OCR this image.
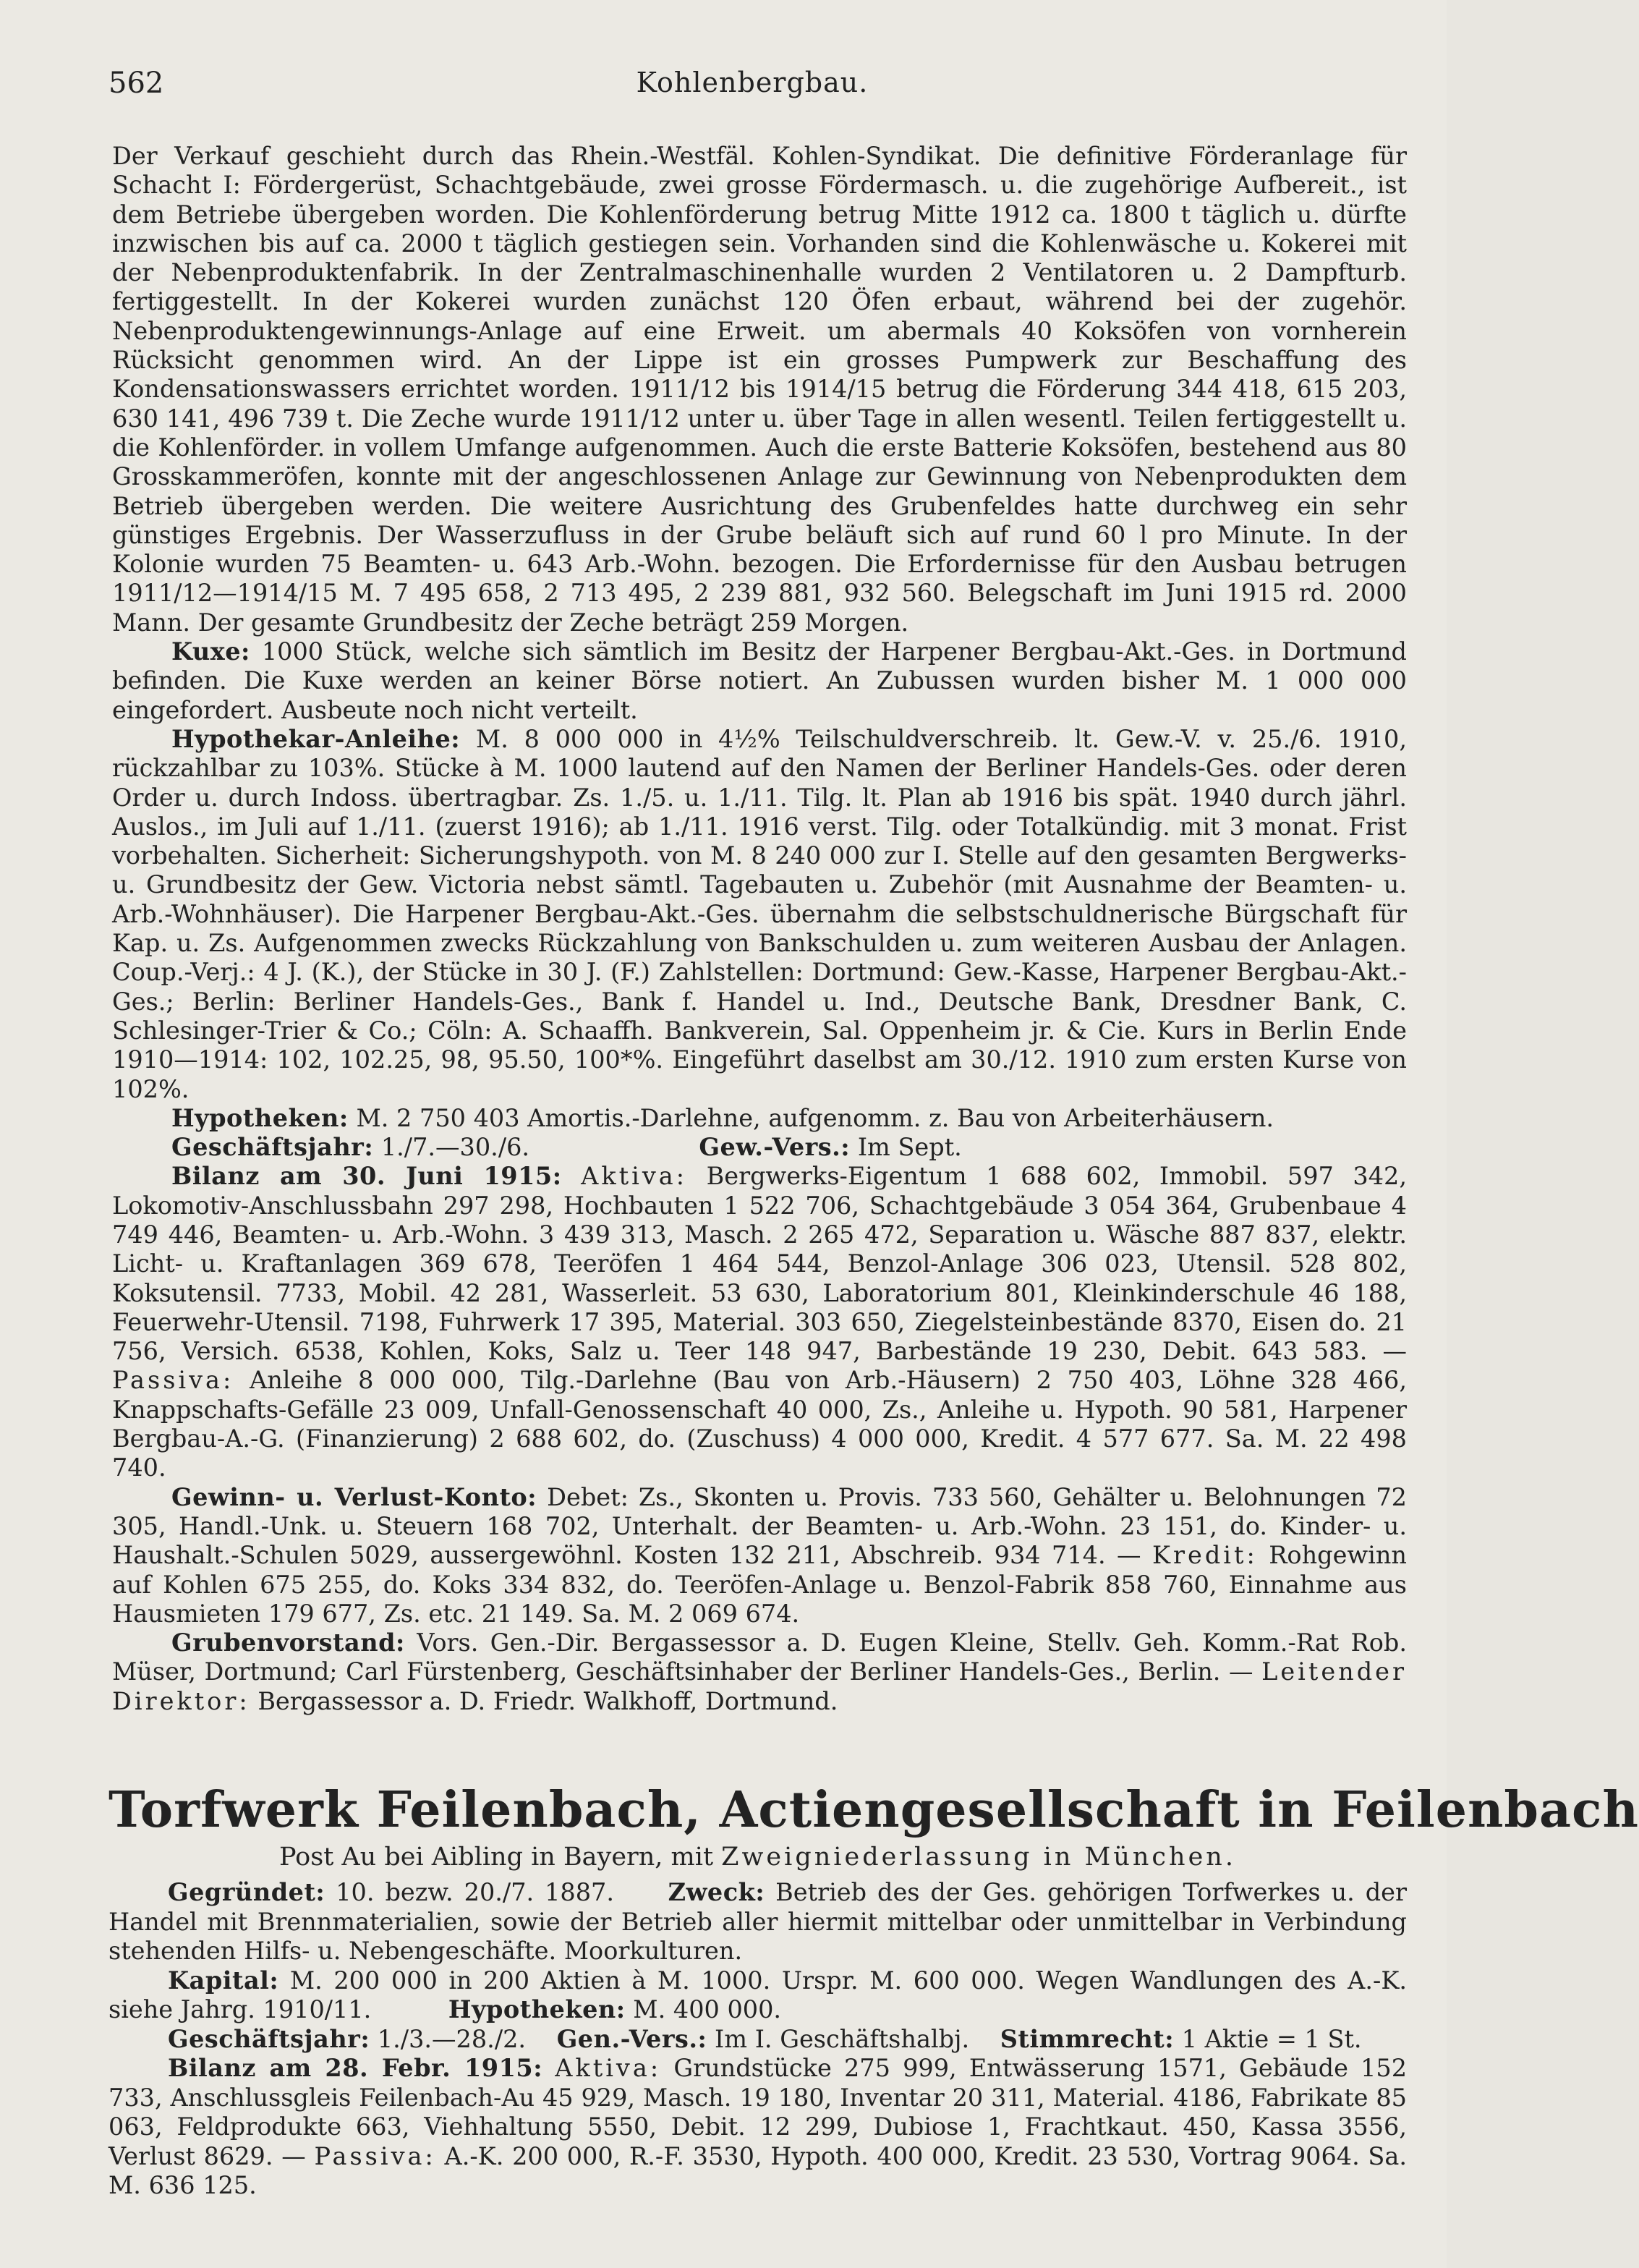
562	Kohlenbergbau.

Der Verkauf geschieht durch das Rhein.-Westfäl. Kohlen-Syndikat. Die definitive Förderanlage für Schacht I: Fördergerüst, Schachtgebäude, zwei grosse Fördermasch. u. die zugehörige Aufbereit., ist dem Betriebe übergeben worden. Die Kohlenförderung betrug Mitte 1912 ca. 1800 t täglich u. dürfte inzwischen bis auf ca. 2000 t täglich gestiegen sein. Vorhanden sind die Kohlenwäsche u. Kokerei mit der Nebenproduktenfabrik. In der Zentralmaschinenhalle wurden 2 Ventilatoren u. 2 Dampfturb. fertiggestellt. In der Kokerei wurden zunächst 120 Öfen erbaut, während bei der zugehör. Nebenproduktengewinnungs-Anlage auf eine Erweit. um abermals 40 Koksöfen von vornherein Rücksicht genommen wird. An der Lippe ist ein grosses Pumpwerk zur Beschaffung des Kondensationswassers errichtet worden. 1911/12 bis 1914/15 betrug die Förderung 344 418, 615 203, 630 141, 496 739 t. Die Zeche wurde 1911/12 unter u. über Tage in allen wesentl. Teilen fertiggestellt u. die Kohlenförder. in vollem Umfange aufgenommen. Auch die erste Batterie Koksöfen, bestehend aus 80 Grosskammeröfen, konnte mit der angeschlossenen Anlage zur Gewinnung von Nebenprodukten dem Betrieb übergeben werden. Die weitere Ausrichtung des Grubenfeldes hatte durchweg ein sehr günstiges Ergebnis. Der Wasserzufluss in der Grube beläuft sich auf rund 60 l pro Minute. In der Kolonie wurden 75 Beamten- u. 643 Arb.-Wohn. bezogen. Die Erfordernisse für den Ausbau betrugen 1911/12—1914/15 M. 7 495 658, 2 713 495, 2 239 881, 932 560. Belegschaft im Juni 1915 rd. 2000 Mann. Der gesamte Grundbesitz der Zeche beträgt 259 Morgen.

Kuxe: 1000 Stück, welche sich sämtlich im Besitz der Harpener Bergbau-Akt.-Ges. in Dortmund befinden. Die Kuxe werden an keiner Börse notiert. An Zubussen wurden bisher M. 1 000 000 eingefordert. Ausbeute noch nicht verteilt.

Hypothekar-Anleihe: M. 8 000 000 in 4½% Teilschuldverschreib. lt. Gew.-V. v. 25./6. 1910, rückzahlbar zu 103%. Stücke à M. 1000 lautend auf den Namen der Berliner Handels-Ges. oder deren Order u. durch Indoss. übertragbar. Zs. 1./5. u. 1./11. Tilg. lt. Plan ab 1916 bis spät. 1940 durch jährl. Auslos., im Juli auf 1./11. (zuerst 1916); ab 1./11. 1916 verst. Tilg. oder Totalkündig. mit 3 monat. Frist vorbehalten. Sicherheit: Sicherungshypoth. von M. 8 240 000 zur I. Stelle auf den gesamten Bergwerks- u. Grundbesitz der Gew. Victoria nebst sämtl. Tagebauten u. Zubehör (mit Ausnahme der Beamten- u. Arb.-Wohnhäuser). Die Harpener Bergbau-Akt.-Ges. übernahm die selbstschuldnerische Bürgschaft für Kap. u. Zs. Aufgenommen zwecks Rückzahlung von Bankschulden u. zum weiteren Ausbau der Anlagen. Coup.-Verj.: 4 J. (K.), der Stücke in 30 J. (F.) Zahlstellen: Dortmund: Gew.-Kasse, Harpener Bergbau-Akt.-Ges.; Berlin: Berliner Handels-Ges., Bank f. Handel u. Ind., Deutsche Bank, Dresdner Bank, C. Schlesinger-Trier & Co.; Cöln: A. Schaaffh. Bankverein, Sal. Oppenheim jr. & Cie. Kurs in Berlin Ende 1910—1914: 102, 102.25, 98, 95.50, 100*%. Eingeführt daselbst am 30./12. 1910 zum ersten Kurse von 102%.

Hypotheken: M. 2 750 403 Amortis.-Darlehne, aufgenomm. z. Bau von Arbeiterhäusern.

Geschäftsjahr: 1./7.—30./6.	Gew.-Vers.: Im Sept.

Bilanz am 30. Juni 1915: Aktiva: Bergwerks-Eigentum 1 688 602, Immobil. 597 342, Lokomotiv-Anschlussbahn 297 298, Hochbauten 1 522 706, Schachtgebäude 3 054 364, Grubenbaue 4 749 446, Beamten- u. Arb.-Wohn. 3 439 313, Masch. 2 265 472, Separation u. Wäsche 887 837, elektr. Licht- u. Kraftanlagen 369 678, Teeröfen 1 464 544, Benzol-Anlage 306 023, Utensil. 528 802, Koksutensil. 7733, Mobil. 42 281, Wasserleit. 53 630, Laboratorium 801, Kleinkinderschule 46 188, Feuerwehr-Utensil. 7198, Fuhrwerk 17 395, Material. 303 650, Ziegelsteinbestände 8370, Eisen do. 21 756, Versich. 6538, Kohlen, Koks, Salz u. Teer 148 947, Barbestände 19 230, Debit. 643 583. — Passiva: Anleihe 8 000 000, Tilg.-Darlehne (Bau von Arb.-Häusern) 2 750 403, Löhne 328 466, Knappschafts-Gefälle 23 009, Unfall-Genossenschaft 40 000, Zs., Anleihe u. Hypoth. 90 581, Harpener Bergbau-A.-G. (Finanzierung) 2 688 602, do. (Zuschuss) 4 000 000, Kredit. 4 577 677. Sa. M. 22 498 740.

Gewinn- u. Verlust-Konto: Debet: Zs., Skonten u. Provis. 733 560, Gehälter u. Belohnungen 72 305, Handl.-Unk. u. Steuern 168 702, Unterhalt. der Beamten- u. Arb.-Wohn. 23 151, do. Kinder- u. Haushalt.-Schulen 5029, aussergewöhnl. Kosten 132 211, Abschreib. 934 714. — Kredit: Rohgewinn auf Kohlen 675 255, do. Koks 334 832, do. Teeröfen-Anlage u. Benzol-Fabrik 858 760, Einnahme aus Hausmieten 179 677, Zs. etc. 21 149. Sa. M. 2 069 674.

Grubenvorstand: Vors. Gen.-Dir. Bergassessor a. D. Eugen Kleine, Stellv. Geh. Komm.-Rat Rob. Müser, Dortmund; Carl Fürstenberg, Geschäftsinhaber der Berliner Handels-Ges., Berlin. — Leitender Direktor: Bergassessor a. D. Friedr. Walkhoff, Dortmund.

Torfwerk Feilenbach, Actiengesellschaft in Feilenbach
Post Au bei Aibling in Bayern, mit Zweigniederlassung in München.

Gegründet: 10. bezw. 20./7. 1887. Zweck: Betrieb des der Ges. gehörigen Torfwerkes u. der Handel mit Brennmaterialien, sowie der Betrieb aller hiermit mittelbar oder unmittelbar in Verbindung stehenden Hilfs- u. Nebengeschäfte. Moorkulturen.

Kapital: M. 200 000 in 200 Aktien à M. 1000. Urspr. M. 600 000. Wegen Wandlungen des A.-K. siehe Jahrg. 1910/11.	Hypotheken: M. 400 000.

Geschäftsjahr: 1./3.—28./2. Gen.-Vers.: Im I. Geschäftshalbj. Stimmrecht: 1 Aktie = 1 St.

Bilanz am 28. Febr. 1915: Aktiva: Grundstücke 275 999, Entwässerung 1571, Gebäude 152 733, Anschlussgleis Feilenbach-Au 45 929, Masch. 19 180, Inventar 20 311, Material. 4186, Fabrikate 85 063, Feldprodukte 663, Viehhaltung 5550, Debit. 12 299, Dubiose 1, Frachtkaut. 450, Kassa 3556, Verlust 8629. — Passiva: A.-K. 200 000, R.-F. 3530, Hypoth. 400 000, Kredit. 23 530, Vortrag 9064. Sa. M. 636 125.
